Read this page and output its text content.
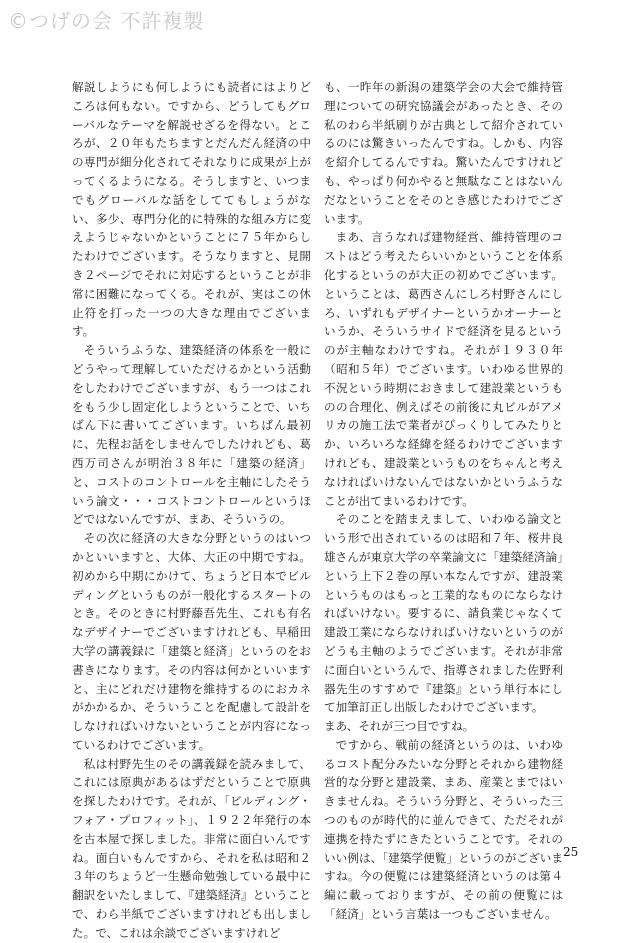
©つげの会 不許複製

解説しようにも何しようにも読者にはよりどころは何もない。ですから、どうしてもグローバルなテーマを解説せざるを得ない。ところが、２０年もたちますとだんだん経済の中の専門が細分化されてそれなりに成果が上がってくるようになる。そうしますと、いつまでもグローバルな話をしててもしょうがない、多少、専門分化的に特殊的な組み方に変えようじゃないかということに７５年からしたわけでございます。そうなりますと、見開き２ページでそれに対応するということが非常に困難になってくる。それが、実はこの休止符を打った一つの大きな理由でございます。

そういうふうな、建築経済の体系を一般にどうやって理解していただけるかという活動をしたわけでございますが、もう一つはこれをもう少し固定化しようということで、いちばん下に書いてございます。いちばん最初に、先程お話をしませんでしたけれども、葛西万司さんが明治３８年に「建築の経済」と、コストのコントロールを主軸にしたそういう論文・・・コストコントロールというほどではないんですが、まあ、そういうの。

その次に経済の大きな分野というのはいつかといいますと、大体、大正の中期ですね。初めから中期にかけて、ちょうど日本でビルディングというものが一般化するスタートのとき。そのときに村野藤吾先生、これも有名なデザイナーでございますけれども、早稲田大学の講義録に「建築と経済」というのをお書きになります。その内容は何かといいますと、主にどれだけ建物を維持するのにおカネがかかるか、そういうことを配慮して設計をしなければいけないということが内容になっているわけでございます。

私は村野先生のその講義録を読みまして、これには原典があるはずだということで原典を探したわけです。それが、「ビルディング・フォア・プロフィット」、１９２２年発行の本を古本屋で探しました。非常に面白いんですね。面白いもんですから、それを私は昭和２３年のちょうど一生懸命勉強している最中に翻訳をいたしまして、『建築経済』ということで、わら半紙でございますけれども出しました。で、これは余談でございますけれど

も、一昨年の新潟の建築学会の大会で維持管理についての研究協議会があったとき、その私のわら半紙刷りが古典として紹介されているのには驚きいったんですね。しかも、内容を紹介してるんですね。驚いたんですけれども、やっぱり何かやると無駄なことはないんだなということをそのとき感じたわけでございます。

まあ、言うなれば建物経営、維持管理のコストはどう考えたらいいかということを体系化するというのが大正の初めでございます。ということは、葛西さんにしろ村野さんにしろ、いずれもデザイナーというかオーナーというか、そういうサイドで経済を見るというのが主軸なわけですね。それが１９３０年（昭和５年）でございます。いわゆる世界的不況という時期におきまして建設業というものの合理化、例えばその前後に丸ビルがアメリカの施工法で業者がびっくりしてみたりとか、いろいろな経緯を経るわけでございますけれども、建設業というものをちゃんと考えなければいけないんではないかというふうなことが出てまいるわけです。

そのことを踏まえまして、いわゆる論文という形で出されているのは昭和７年、桜井良雄さんが東京大学の卒業論文に「建築経済論」という上下２巻の厚い本なんですが、建設業というものはもっと工業的なものにならなければいけない。要するに、請負業じゃなくて建設工業にならなければいけないというのがどうも主軸のようでございます。それが非常に面白いというんで、指導されました佐野利器先生のすすめで『建築』という単行本にして加筆訂正し出版したわけでございます。

まあ、それが三つ目ですね。

ですから、戦前の経済というのは、いわゆるコスト配分みたいな分野とそれから建物経営的な分野と建設業、まあ、産業とまではいきませんね。そういう分野と、そういった三つのものが時代的に並んできて、ただそれが連携を持たずにきたということです。それのいい例は、「建築学便覧」というのがございますね。今の便覧には建築経済というのは第４編に載っておりますが、その前の便覧には「経済」という言葉は一つもございません。

25
